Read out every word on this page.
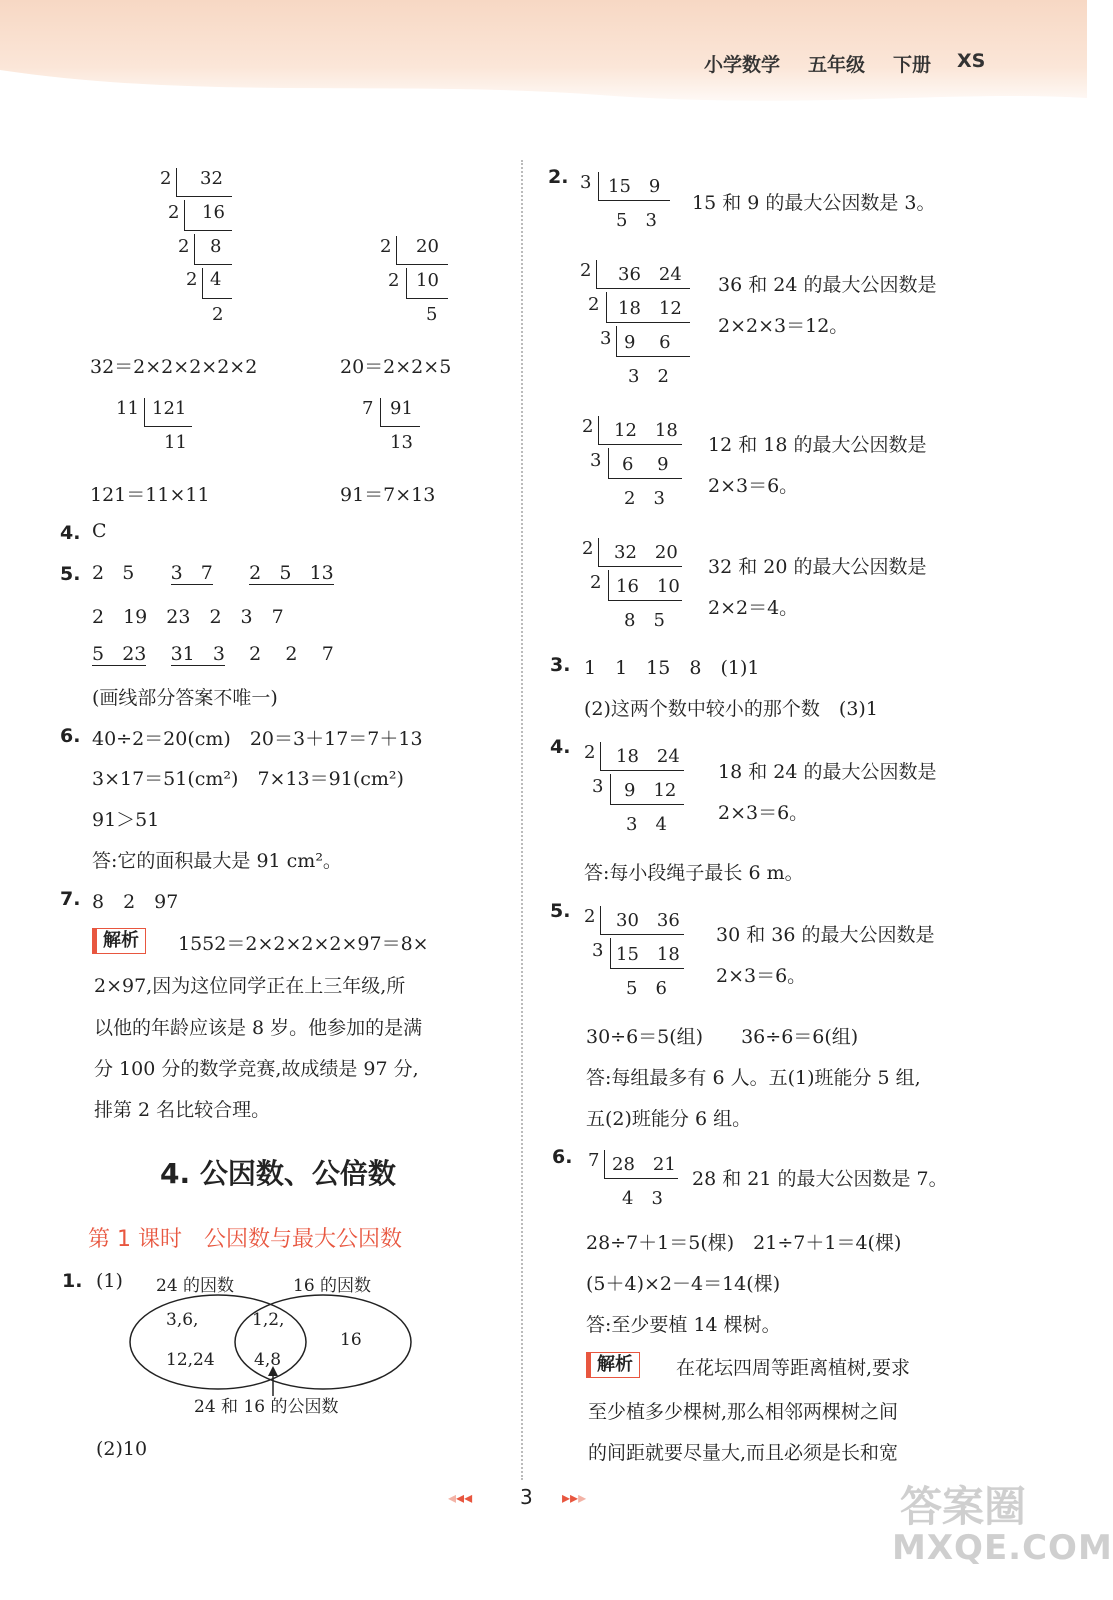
小学数学 五年级 下册 XS
2 32
2 16
2 8
2 4
2
2 20
2 10
5
32＝2×2×2×2×2	20＝2×2×5
11 121
11
7 91
13
121＝11×11	91＝7×13
4. C
5. 2 5 3 7 2 5 13
2　19　23　2　3　7
5 23 31 3 2 2 7
(画线部分答案不唯一)
6. 40÷2＝20(cm)　20＝3＋17＝7＋13
3×17＝51(cm²)　7×13＝91(cm²)
91＞51
答:它的面积最大是 91 cm²。
7. 8　2　97
解析	1552＝2×2×2×2×97＝8×
2×97,因为这位同学正在上三年级,所
以他的年龄应该是 8 岁。他参加的是满
分 100 分的数学竞赛,故成绩是 97 分,
排第 2 名比较合理。
4. 公因数、公倍数
第 1 课时　公因数与最大公因数
1. (1) 24 的因数	16 的因数
3,6,
12,24
1,2,
4,8
16
24 和 16 的公因数
(2)10
2. 3 15　9
5　3
15 和 9 的最大公因数是 3。
2 36　24
2 18　12
3 9　 6
3　2
36 和 24 的最大公因数是
2×2×3＝12。
2 12　18
3 6　 9
2　3
12 和 18 的最大公因数是
2×3＝6。
2 32　20
2 16　10
8　5
32 和 20 的最大公因数是
2×2＝4。
3. 1　1　15　8　(1)1
(2)这两个数中较小的那个数　(3)1
4. 2 18　24
3 9　12
3　4
18 和 24 的最大公因数是
2×3＝6。
答:每小段绳子最长 6 m。
5. 2 30　36
3 15　18
5　6
30 和 36 的最大公因数是
2×3＝6。
30÷6＝5(组)　　36÷6＝6(组)
答:每组最多有 6 人。五(1)班能分 5 组,
五(2)班能分 6 组。
6. 7 28　21
4　3
28 和 21 的最大公因数是 7。
28÷7＋1＝5(棵)　21÷7＋1＝4(棵)
(5＋4)×2－4＝14(棵)
答:至少要植 14 棵树。
解析	在花坛四周等距离植树,要求
至少植多少棵树,那么相邻两棵树之间
的间距就要尽量大,而且必须是长和宽
◂◂◂ 3 ▸▸▸	答案圈
MXQE.COM
